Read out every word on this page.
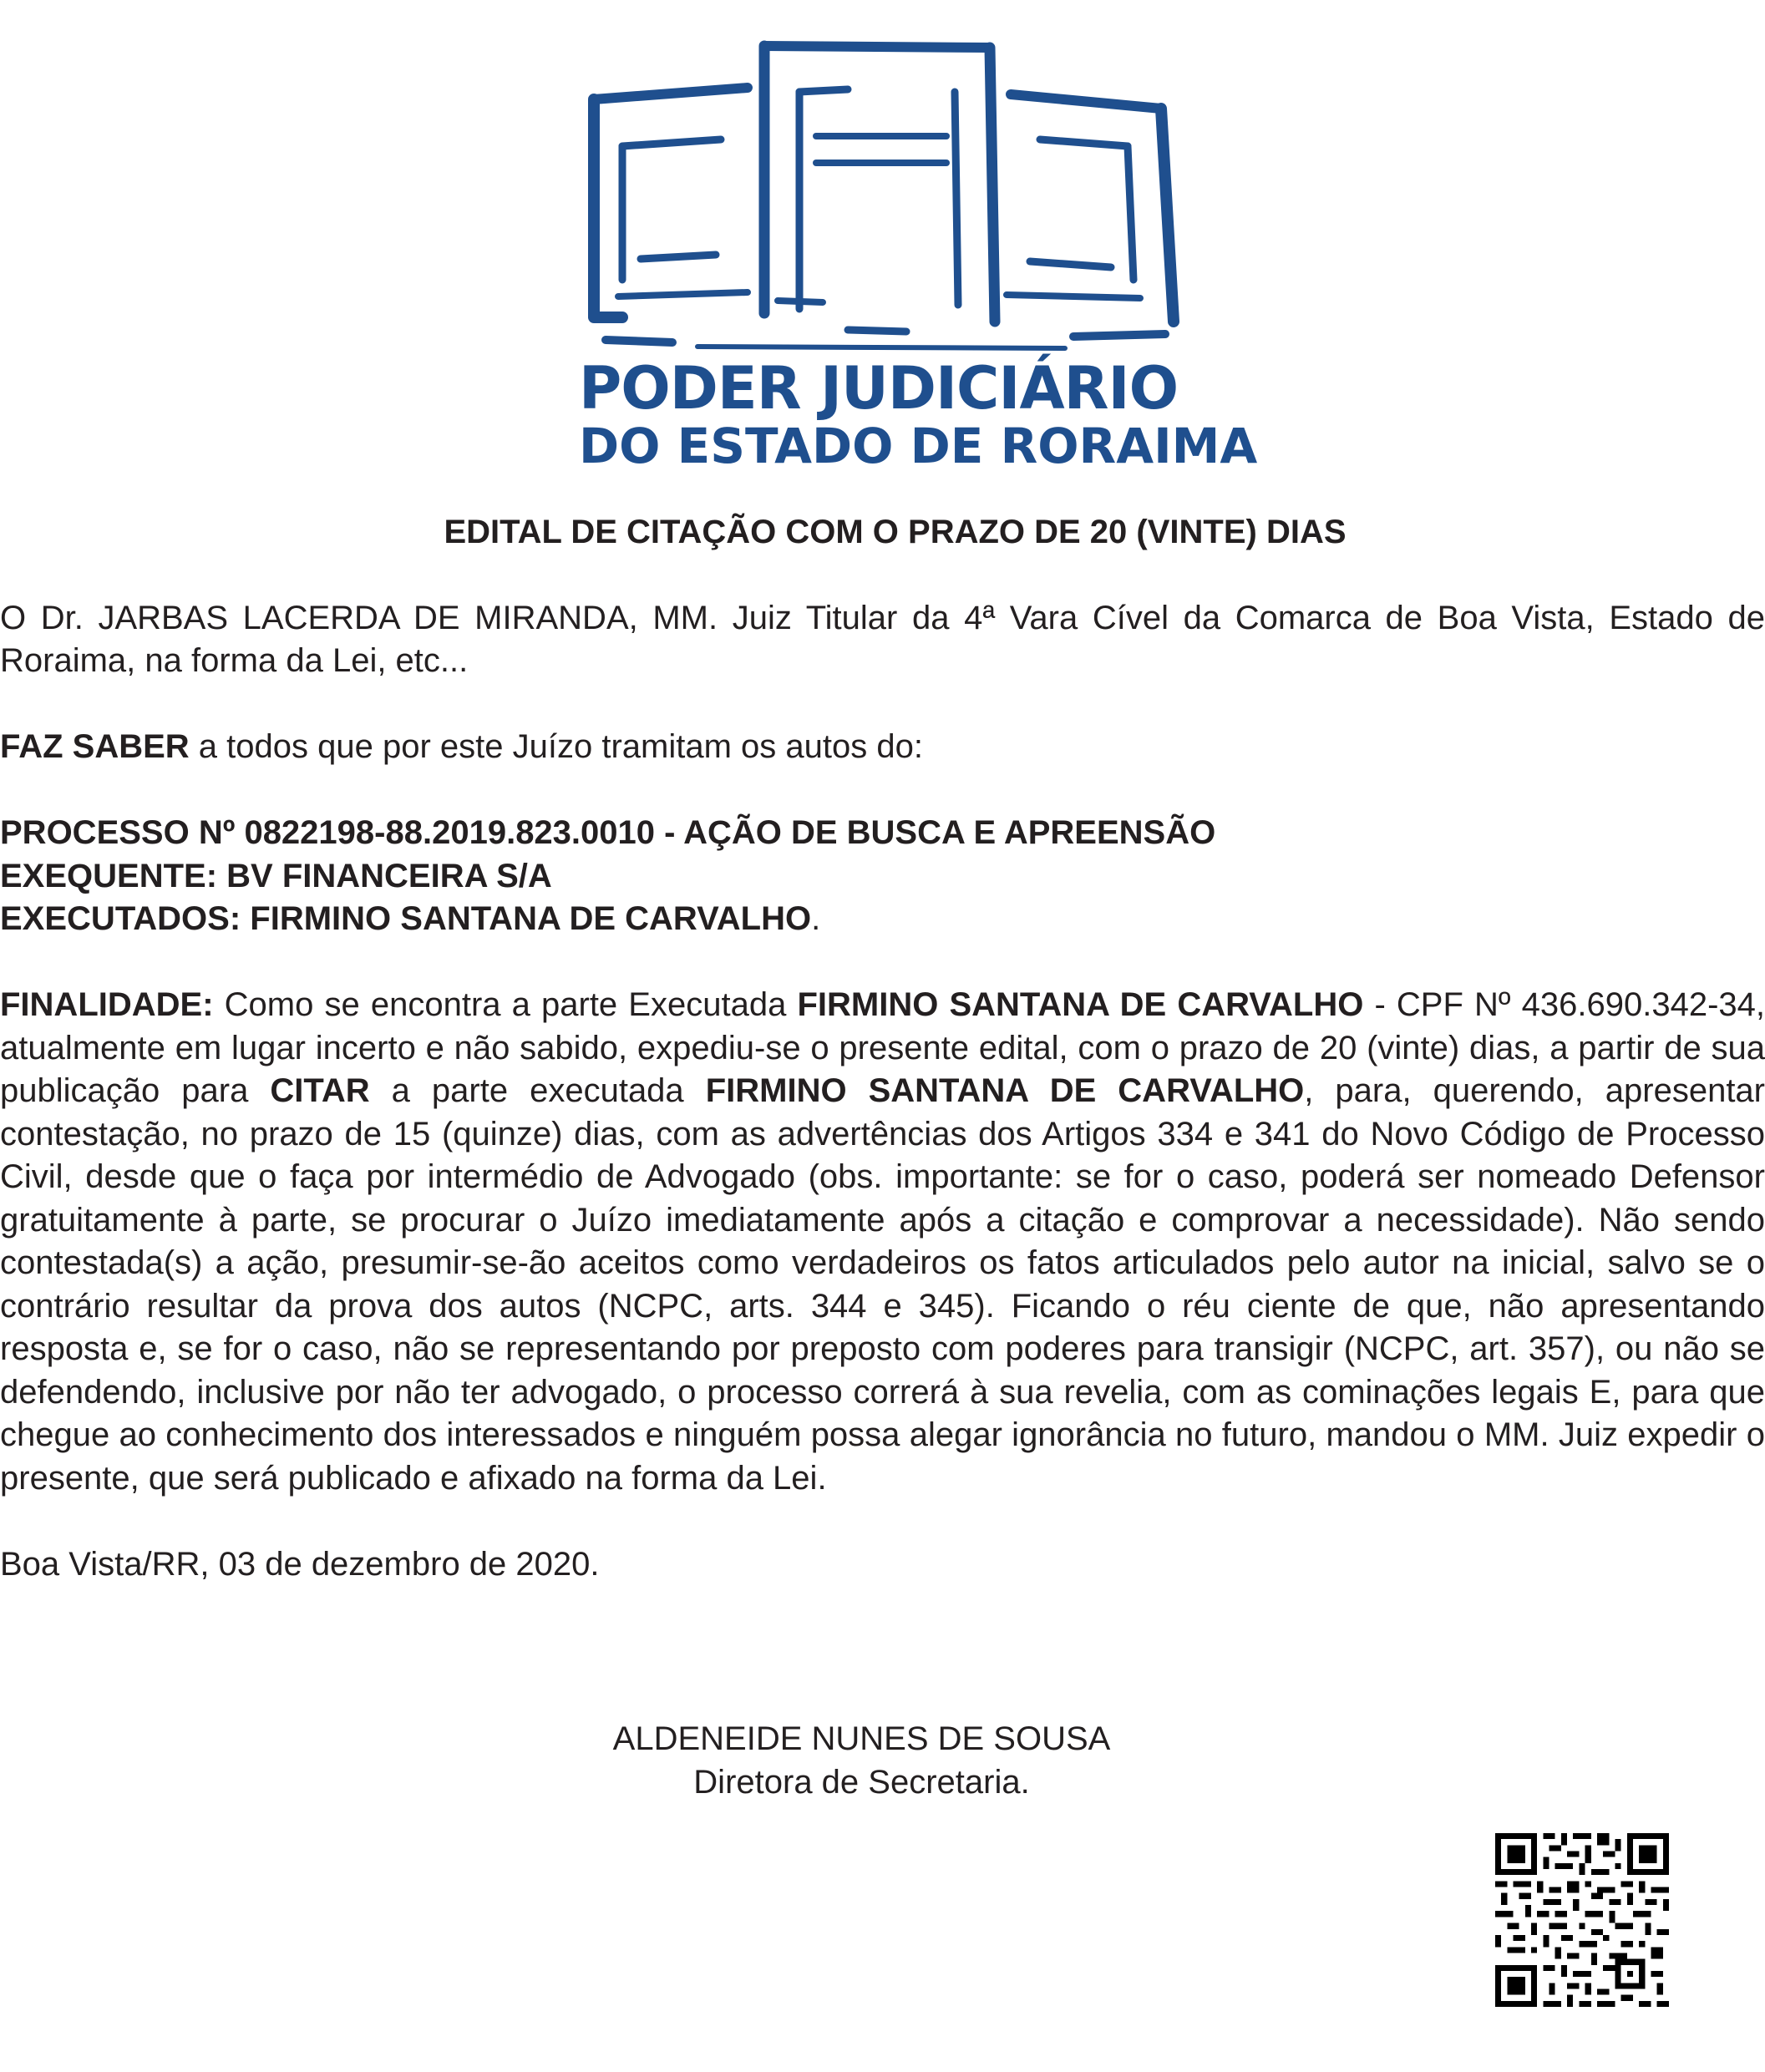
PODER JUDICIÁRIO
DO ESTADO DE RORAIMA
EDITAL DE CITAÇÃO COM O PRAZO DE 20 (VINTE) DIAS

O Dr. JARBAS LACERDA DE MIRANDA, MM. Juiz Titular da 4ª Vara Cível da Comarca de Boa Vista, Estado de Roraima, na forma da Lei, etc...

FAZ SABER a todos que por este Juízo tramitam os autos do:

PROCESSO Nº 0822198-88.2019.823.0010 - AÇÃO DE BUSCA E APREENSÃO

EXEQUENTE: BV FINANCEIRA S/A

EXECUTADOS: FIRMINO SANTANA DE CARVALHO.

FINALIDADE: Como se encontra a parte Executada FIRMINO SANTANA DE CARVALHO - CPF Nº 436.690.342-34, atualmente em lugar incerto e não sabido, expediu-se o presente edital, com o prazo de 20 (vinte) dias, a partir de sua publicação para CITAR a parte executada FIRMINO SANTANA DE CARVALHO, para, querendo, apresentar contestação, no prazo de 15 (quinze) dias, com as advertências dos Artigos 334 e 341 do Novo Código de Processo Civil, desde que o faça por intermédio de Advogado (obs. importante: se for o caso, poderá ser nomeado Defensor gratuitamente à parte, se procurar o Juízo imediatamente após a citação e comprovar a necessidade). Não sendo contestada(s) a ação, presumir-se-ão aceitos como verdadeiros os fatos articulados pelo autor na inicial, salvo se o contrário resultar da prova dos autos (NCPC, arts. 344 e 345). Ficando o réu ciente de que, não apresentando resposta e, se for o caso, não se representando por preposto com poderes para transigir (NCPC, art. 357), ou não se defendendo, inclusive por não ter advogado, o processo correrá à sua revelia, com as cominações legais E, para que chegue ao conhecimento dos interessados e ninguém possa alegar ignorância no futuro, mandou o MM. Juiz expedir o presente, que será publicado e afixado na forma da Lei.

Boa Vista/RR, 03 de dezembro de 2020.

ALDENEIDE NUNES DE SOUSA
Diretora de Secretaria.
